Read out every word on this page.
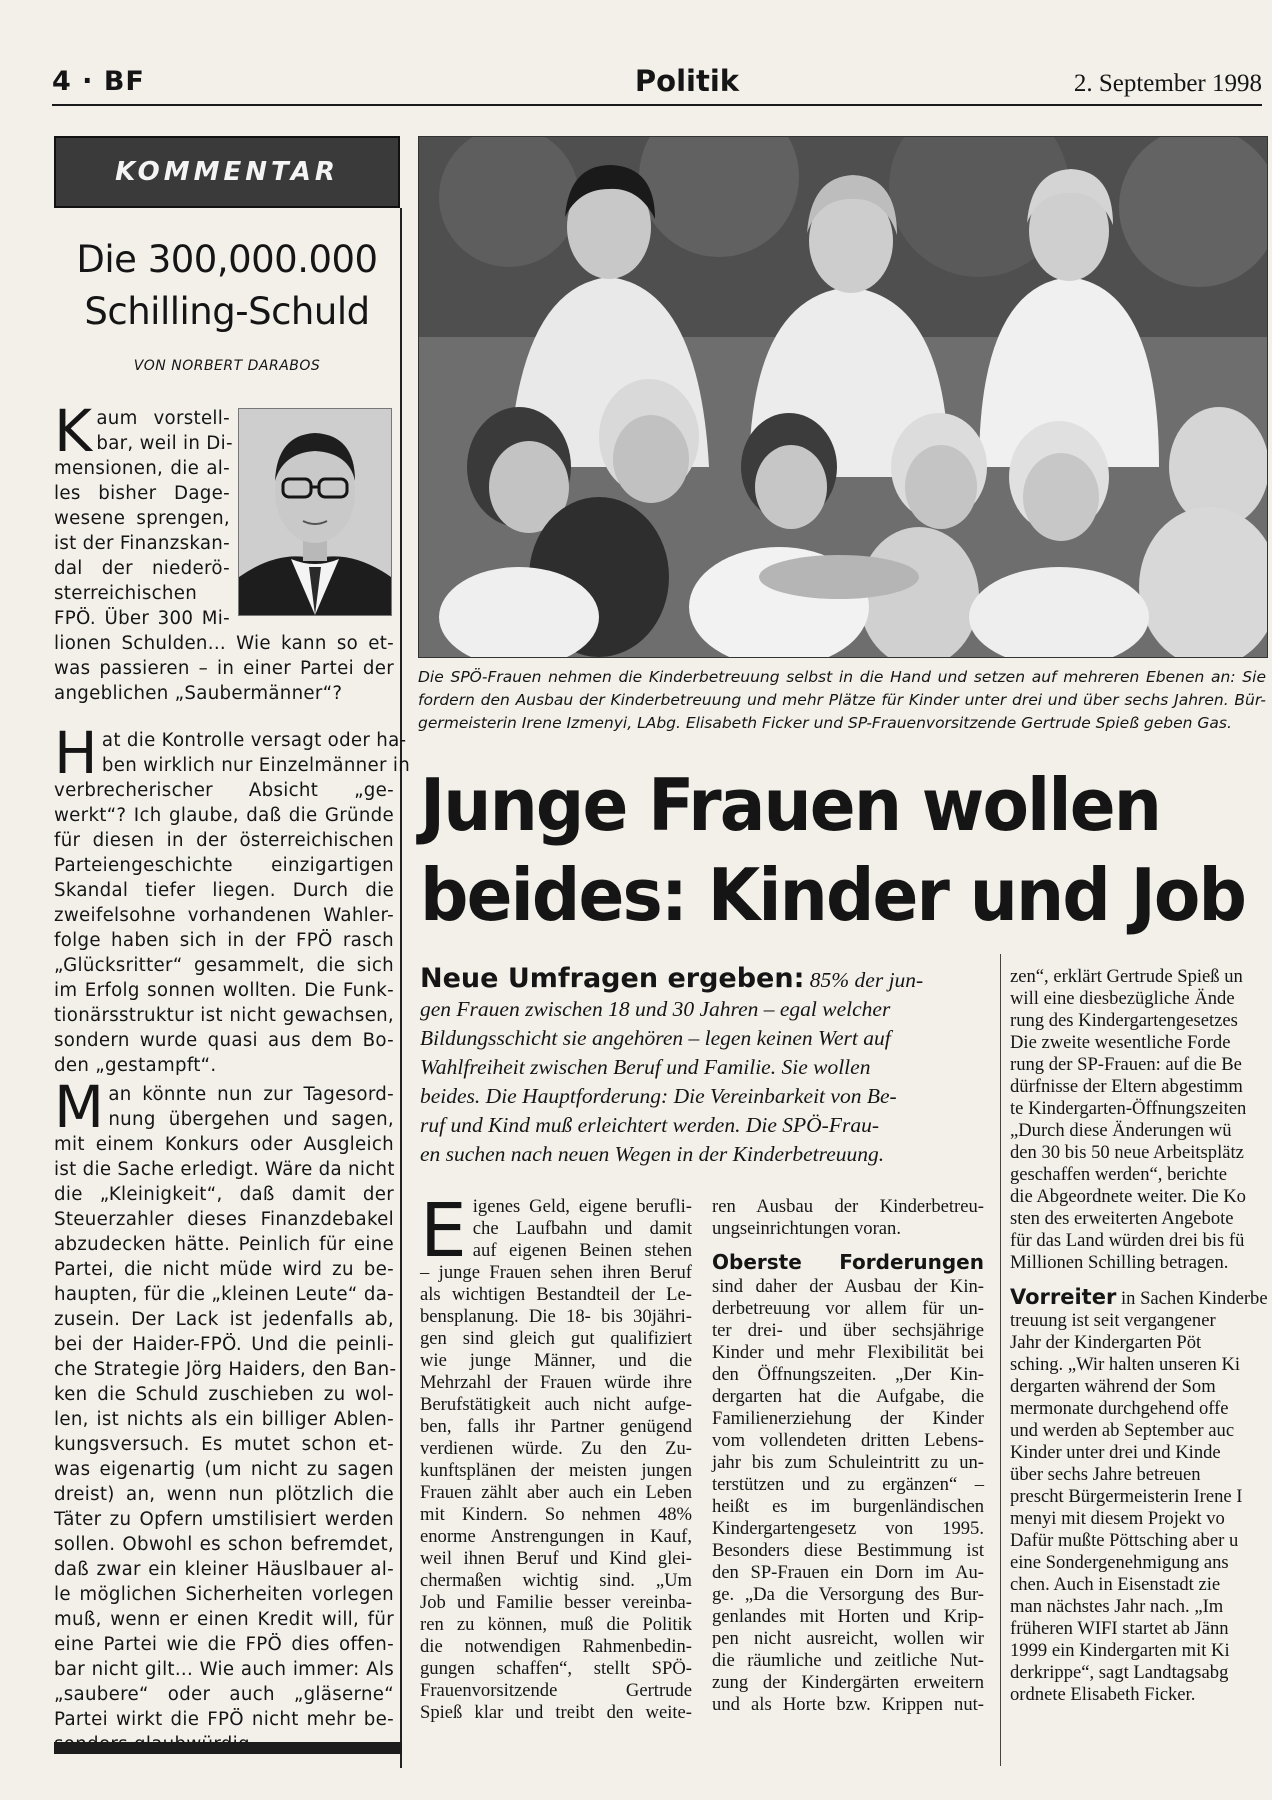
4 · BF	Politik	2. September 1998
KOMMENTAR
Die 300,000.000
Schilling-Schuld
VON NORBERT DARABOS
K aum vorstell-
bar, weil in Di-
mensionen, die al-
les bisher Dage-
wesene sprengen,
ist der Finanzskan-
dal der niederö-
sterreichischen
FPÖ. Über 300 Mi-
lionen Schulden... Wie kann so et-
was passieren – in einer Partei der
angeblichen „Saubermänner“?
H at die Kontrolle versagt oder ha-
ben wirklich nur Einzelmänner in
verbrecherischer Absicht „ge-
werkt“? Ich glaube, daß die Gründe
für diesen in der österreichischen
Parteiengeschichte einzigartigen
Skandal tiefer liegen. Durch die
zweifelsohne vorhandenen Wahler-
folge haben sich in der FPÖ rasch
„Glücksritter“ gesammelt, die sich
im Erfolg sonnen wollten. Die Funk-
tionärsstruktur ist nicht gewachsen,
sondern wurde quasi aus dem Bo-
den „gestampft“.
M an könnte nun zur Tagesord-
nung übergehen und sagen,
mit einem Konkurs oder Ausgleich
ist die Sache erledigt. Wäre da nicht
die „Kleinigkeit“, daß damit der
Steuerzahler dieses Finanzdebakel
abzudecken hätte. Peinlich für eine
Partei, die nicht müde wird zu be-
haupten, für die „kleinen Leute“ da-
zusein. Der Lack ist jedenfalls ab,
bei der Haider-FPÖ. Und die peinli-
che Strategie Jörg Haiders, den Ban-
ken die Schuld zuschieben zu wol-
len, ist nichts als ein billiger Ablen-
kungsversuch. Es mutet schon et-
was eigenartig (um nicht zu sagen
dreist) an, wenn nun plötzlich die
Täter zu Opfern umstilisiert werden
sollen. Obwohl es schon befremdet,
daß zwar ein kleiner Häuslbauer al-
le möglichen Sicherheiten vorlegen
muß, wenn er einen Kredit will, für
eine Partei wie die FPÖ dies offen-
bar nicht gilt... Wie auch immer: Als
„saubere“ oder auch „gläserne“
Partei wirkt die FPÖ nicht mehr be-
Die SPÖ-Frauen nehmen die Kinderbetreuung selbst in die Hand und setzen auf mehreren Ebenen an: Sie
fordern den Ausbau der Kinderbetreuung und mehr Plätze für Kinder unter drei und über sechs Jahren. Bür-
germeisterin Irene Izmenyi, LAbg. Elisabeth Ficker und SP-Frauenvorsitzende Gertrude Spieß geben Gas.
Junge Frauen wollen
beides: Kinder und Job
Neue Umfragen ergeben: 85% der jun-
gen Frauen zwischen 18 und 30 Jahren – egal welcher
Bildungsschicht sie angehören – legen keinen Wert auf
Wahlfreiheit zwischen Beruf und Familie. Sie wollen
beides. Die Hauptforderung: Die Vereinbarkeit von Be-
ruf und Kind muß erleichtert werden. Die SPÖ-Frau-
en suchen nach neuen Wegen in der Kinderbetreuung.
E igenes Geld, eigene berufli-
che Laufbahn und damit
auf eigenen Beinen stehen
– junge Frauen sehen ihren Beruf
als wichtigen Bestandteil der Le-
bensplanung. Die 18- bis 30jähri-
gen sind gleich gut qualifiziert
wie junge Männer, und die
Mehrzahl der Frauen würde ihre
Berufstätigkeit auch nicht aufge-
ben, falls ihr Partner genügend
verdienen würde. Zu den Zu-
kunftsplänen der meisten jungen
Frauen zählt aber auch ein Leben
mit Kindern. So nehmen 48%
enorme Anstrengungen in Kauf,
weil ihnen Beruf und Kind glei-
chermaßen wichtig sind. „Um
Job und Familie besser vereinba-
ren zu können, muß die Politik
die notwendigen Rahmenbedin-
gungen schaffen“, stellt SPÖ-
Frauenvorsitzende Gertrude
Spieß klar und treibt den weite-
ren Ausbau der Kinderbetreu-
ungseinrichtungen voran.
Oberste Forderungen
sind daher der Ausbau der Kin-
derbetreuung vor allem für un-
ter drei- und über sechsjährige
Kinder und mehr Flexibilität bei
den Öffnungszeiten. „Der Kin-
dergarten hat die Aufgabe, die
Familienerziehung der Kinder
vom vollendeten dritten Lebens-
jahr bis zum Schuleintritt zu un-
terstützen und zu ergänzen“ –
heißt es im burgenländischen
Kindergartengesetz von 1995.
Besonders diese Bestimmung ist
den SP-Frauen ein Dorn im Au-
ge. „Da die Versorgung des Bur-
genlandes mit Horten und Krip-
pen nicht ausreicht, wollen wir
die räumliche und zeitliche Nut-
zung der Kindergärten erweitern
und als Horte bzw. Krippen nut-
zen“, erklärt Gertrude Spieß un
will eine diesbezügliche Ände
rung des Kindergartengesetzes
Die zweite wesentliche Forde
rung der SP-Frauen: auf die Be
dürfnisse der Eltern abgestimm
te Kindergarten-Öffnungszeiten
„Durch diese Änderungen wü
den 30 bis 50 neue Arbeitsplätz
geschaffen werden“, berichte
die Abgeordnete weiter. Die Ko
sten des erweiterten Angebote
für das Land würden drei bis fü
Millionen Schilling betragen.
Vorreiter in Sachen Kinderbe
treuung ist seit vergangener
Jahr der Kindergarten Pöt
sching. „Wir halten unseren Ki
dergarten während der Som
mermonate durchgehend offe
und werden ab September auc
Kinder unter drei und Kinde
über sechs Jahre betreuen
prescht Bürgermeisterin Irene I
menyi mit diesem Projekt vo
Dafür mußte Pöttsching aber u
eine Sondergenehmigung ans
chen. Auch in Eisenstadt zie
man nächstes Jahr nach. „Im
früheren WIFI startet ab Jänn
1999 ein Kindergarten mit Ki
derkrippe“, sagt Landtagsabg
ordnete Elisabeth Ficker.
